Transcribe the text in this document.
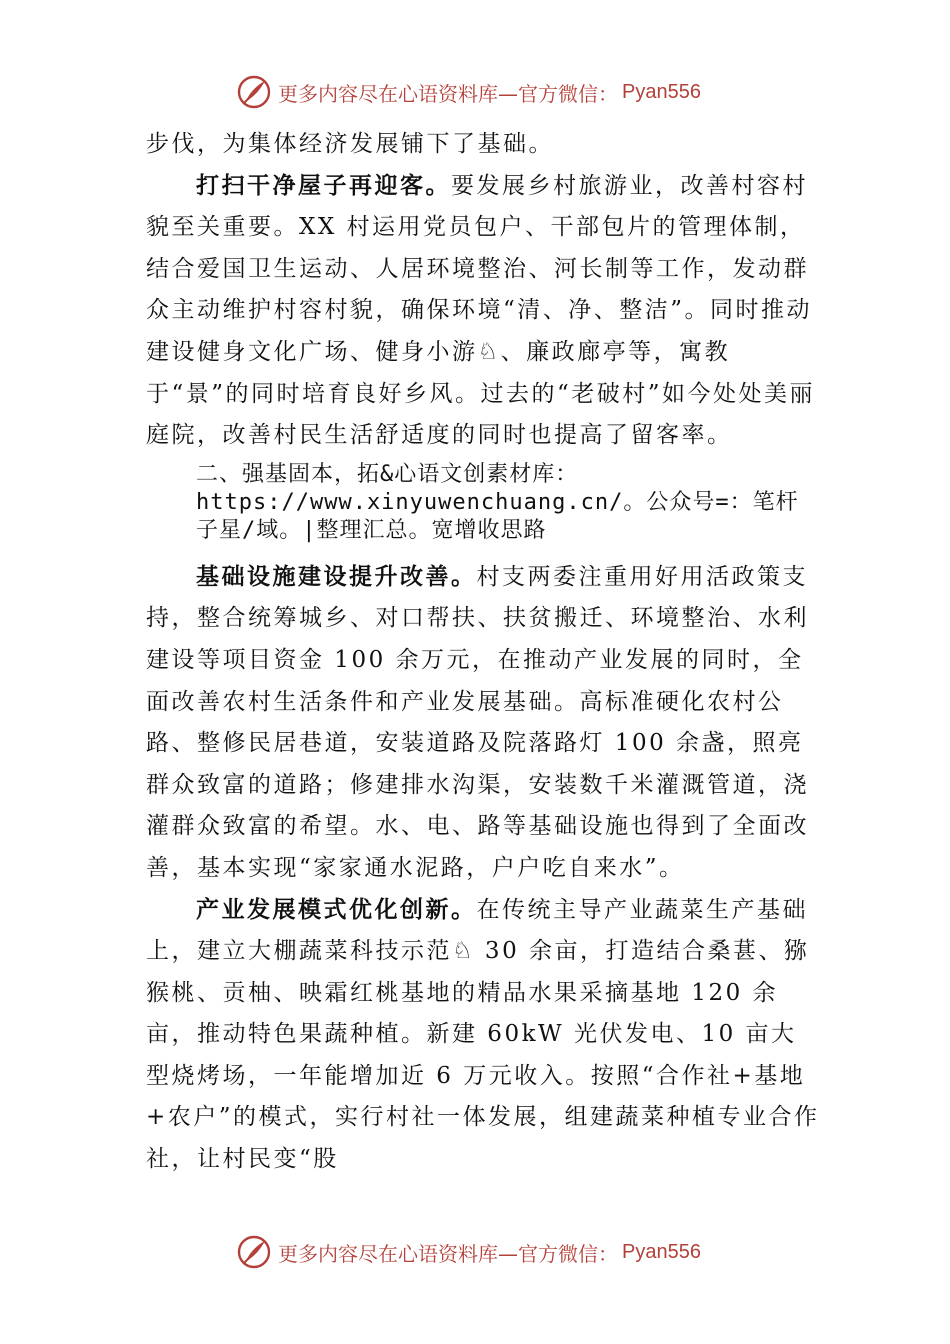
更多内容尽在心语资料库—官方微信： Pyan556

步伐，为集体经济发展铺下了基础。

打扫干净屋子再迎客。要发展乡村旅游业，改善村容村貌至关重要。XX 村运用党员包户、干部包片的管理体制，结合爱国卫生运动、人居环境整治、河长制等工作，发动群众主动维护村容村貌，确保环境“清、净、整洁”。同时推动建设健身文化广场、健身小游♘、廉政廊亭等，寓教于“景”的同时培育良好乡风。过去的“老破村”如今处处美丽庭院，改善村民生活舒适度的同时也提高了留客率。

二、强基固本，拓&心语文创素材库：https://www.xinyuwenchuang.cn/。公众号=：笔杆子星/域。|整理汇总。宽增收思路

基础设施建设提升改善。村支两委注重用好用活政策支持，整合统筹城乡、对口帮扶、扶贫搬迁、环境整治、水利建设等项目资金 100 余万元，在推动产业发展的同时，全面改善农村生活条件和产业发展基础。高标准硬化农村公路、整修民居巷道，安装道路及院落路灯 100 余盏，照亮群众致富的道路；修建排水沟渠，安装数千米灌溉管道，浇灌群众致富的希望。水、电、路等基础设施也得到了全面改善，基本实现“家家通水泥路，户户吃自来水”。

产业发展模式优化创新。在传统主导产业蔬菜生产基础上，建立大棚蔬菜科技示范♘ 30 余亩，打造结合桑葚、猕猴桃、贡柚、映霜红桃基地的精品水果采摘基地 120 余亩，推动特色果蔬种植。新建 60kW 光伏发电、10 亩大型烧烤场，一年能增加近 6 万元收入。按照“合作社+基地+农户”的模式，实行村社一体发展，组建蔬菜种植专业合作社，让村民变“股

更多内容尽在心语资料库—官方微信： Pyan556
